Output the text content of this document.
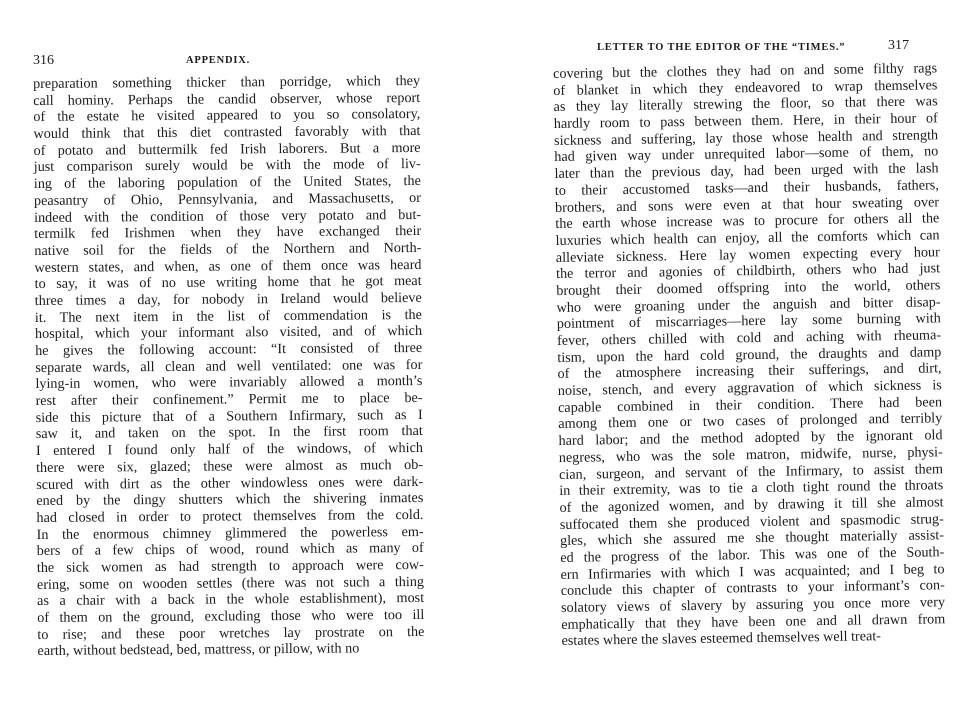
316	APPENDIX.
preparation something thicker than porridge, which they
call hominy. Perhaps the candid observer, whose report
of the estate he visited appeared to you so consolatory,
would think that this diet contrasted favorably with that
of potato and buttermilk fed Irish laborers. But a more
just comparison surely would be with the mode of liv-
ing of the laboring population of the United States, the
peasantry of Ohio, Pennsylvania, and Massachusetts, or
indeed with the condition of those very potato and but-
termilk fed Irishmen when they have exchanged their
native soil for the fields of the Northern and North-
western states, and when, as one of them once was heard
to say, it was of no use writing home that he got meat
three times a day, for nobody in Ireland would believe
it. The next item in the list of commendation is the
hospital, which your informant also visited, and of which
he gives the following account: “It consisted of three
separate wards, all clean and well ventilated: one was for
lying-in women, who were invariably allowed a month’s
rest after their confinement.” Permit me to place be-
side this picture that of a Southern Infirmary, such as I
saw it, and taken on the spot. In the first room that
I entered I found only half of the windows, of which
there were six, glazed; these were almost as much ob-
scured with dirt as the other windowless ones were dark-
ened by the dingy shutters which the shivering inmates
had closed in order to protect themselves from the cold.
In the enormous chimney glimmered the powerless em-
bers of a few chips of wood, round which as many of
the sick women as had strength to approach were cow-
ering, some on wooden settles (there was not such a thing
as a chair with a back in the whole establishment), most
of them on the ground, excluding those who were too ill
to rise; and these poor wretches lay prostrate on the
earth, without bedstead, bed, mattress, or pillow, with no
LETTER TO THE EDITOR OF THE “TIMES.”	317
covering but the clothes they had on and some filthy rags
of blanket in which they endeavored to wrap themselves
as they lay literally strewing the floor, so that there was
hardly room to pass between them. Here, in their hour of
sickness and suffering, lay those whose health and strength
had given way under unrequited labor—some of them, no
later than the previous day, had been urged with the lash
to their accustomed tasks—and their husbands, fathers,
brothers, and sons were even at that hour sweating over
the earth whose increase was to procure for others all the
luxuries which health can enjoy, all the comforts which can
alleviate sickness. Here lay women expecting every hour
the terror and agonies of childbirth, others who had just
brought their doomed offspring into the world, others
who were groaning under the anguish and bitter disap-
pointment of miscarriages—here lay some burning with
fever, others chilled with cold and aching with rheuma-
tism, upon the hard cold ground, the draughts and damp
of the atmosphere increasing their sufferings, and dirt,
noise, stench, and every aggravation of which sickness is
capable combined in their condition. There had been
among them one or two cases of prolonged and terribly
hard labor; and the method adopted by the ignorant old
negress, who was the sole matron, midwife, nurse, physi-
cian, surgeon, and servant of the Infirmary, to assist them
in their extremity, was to tie a cloth tight round the throats
of the agonized women, and by drawing it till she almost
suffocated them she produced violent and spasmodic strug-
gles, which she assured me she thought materially assist-
ed the progress of the labor. This was one of the South-
ern Infirmaries with which I was acquainted; and I beg to
conclude this chapter of contrasts to your informant’s con-
solatory views of slavery by assuring you once more very
emphatically that they have been one and all drawn from
estates where the slaves esteemed themselves well treat-
